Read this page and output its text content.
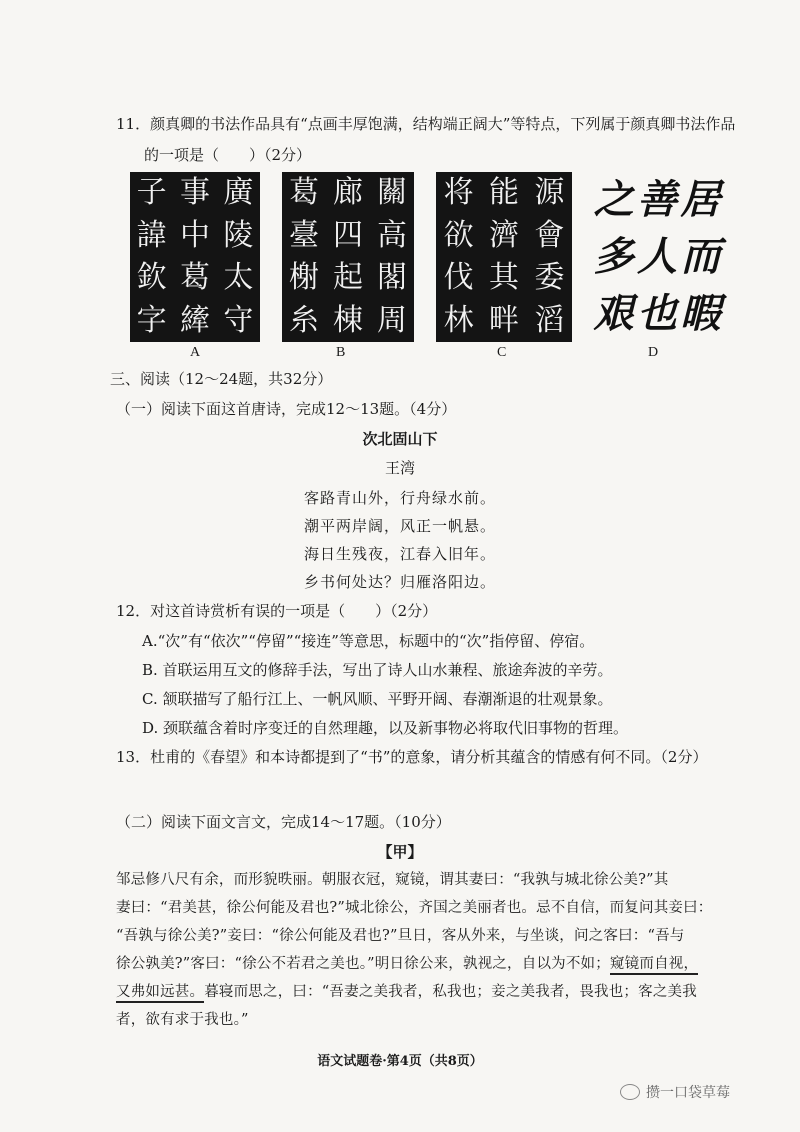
11．颜真卿的书法作品具有“点画丰厚饱满，结构端正阔大”等特点，下列属于颜真卿书法作品
的一项是（　　）（2分）
廣
陵
太
守
事
中
葛
縴
子
諱
欽
字
A
關
高
閣
周
廊
四
起
棟
葛
臺
榭
糸
B
源
會
委
滔
能
濟
其
畔
将
欲
伐
林
C
居
而
暇
善
人
也
之
多
艰
D
三、阅读（12～24题，共32分）
（一）阅读下面这首唐诗，完成12～13题。（4分）
次北固山下
王湾
客路青山外，行舟绿水前。
潮平两岸阔，风正一帆悬。
海日生残夜，江春入旧年。
乡书何处达？归雁洛阳边。
12．对这首诗赏析有误的一项是（　　）（2分）
A.“次”有“依次”“停留”“接连”等意思，标题中的“次”指停留、停宿。
B. 首联运用互文的修辞手法，写出了诗人山水兼程、旅途奔波的辛劳。
C. 颔联描写了船行江上、一帆风顺、平野开阔、春潮渐退的壮观景象。
D. 颈联蕴含着时序变迁的自然理趣，以及新事物必将取代旧事物的哲理。
13．杜甫的《春望》和本诗都提到了“书”的意象，请分析其蕴含的情感有何不同。（2分）
（二）阅读下面文言文，完成14～17题。（10分）
【甲】
邹忌修八尺有余，而形貌昳丽。朝服衣冠，窥镜，谓其妻曰：“我孰与城北徐公美?”其
妻曰：“君美甚，徐公何能及君也?”城北徐公，齐国之美丽者也。忌不自信，而复问其妾曰：
“吾孰与徐公美?”妾曰：“徐公何能及君也?”旦日，客从外来，与坐谈，问之客曰：“吾与
徐公孰美?”客曰：“徐公不若君之美也。”明日徐公来，孰视之，自以为不如；窥镜而自视，
又弗如远甚。暮寝而思之，曰：“吾妻之美我者，私我也；妾之美我者，畏我也；客之美我
者，欲有求于我也。”
语文试题卷·第4页（共8页）
攒一口袋草莓
